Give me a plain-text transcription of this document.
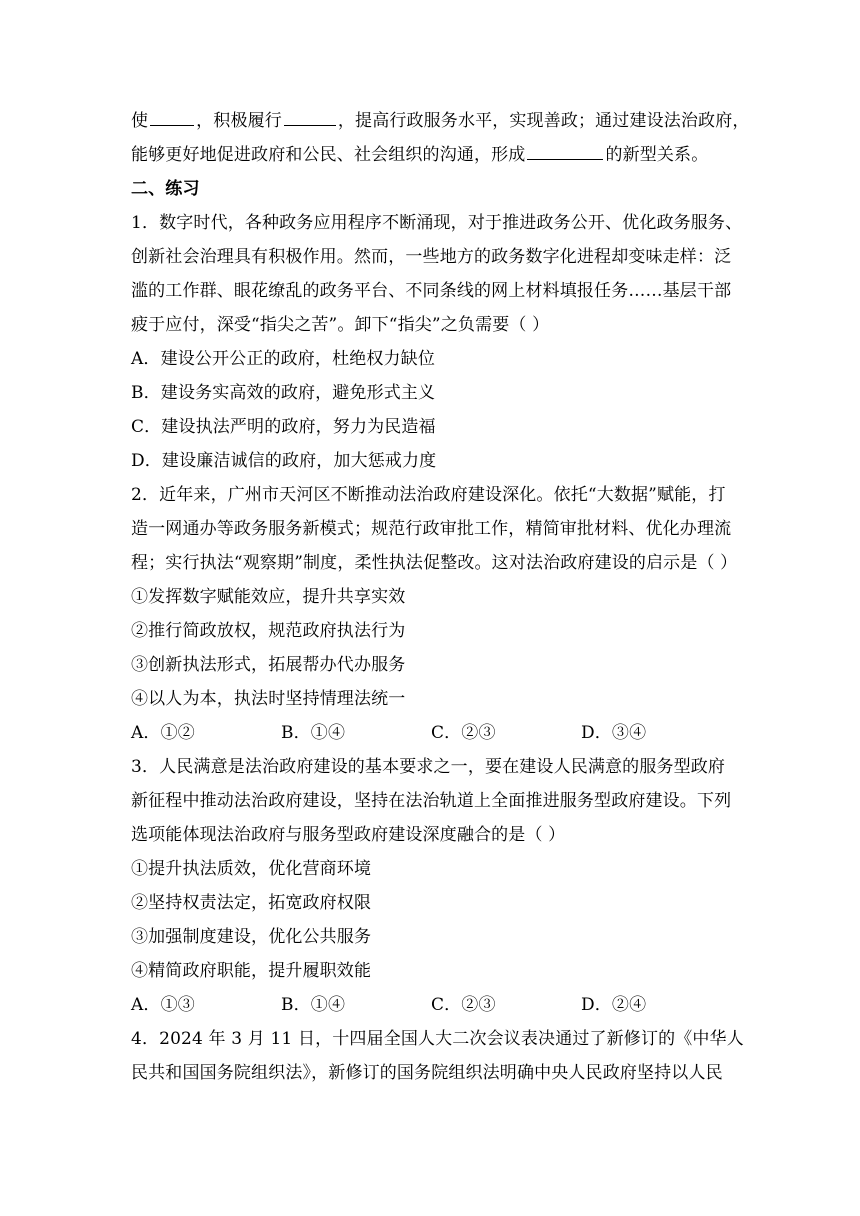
使	，积极履行	，提高行政服务水平，实现善政；通过建设法治政府，
能够更好地促进政府和公民、社会组织的沟通，形成	的新型关系。
二、练习
1．数字时代，各种政务应用程序不断涌现，对于推进政务公开、优化政务服务、
创新社会治理具有积极作用。然而，一些地方的政务数字化进程却变味走样：泛
滥的工作群、眼花缭乱的政务平台、不同条线的网上材料填报任务……基层干部
疲于应付，深受“指尖之苦”。卸下“指尖”之负需要（ ）
A．建设公开公正的政府，杜绝权力缺位
B．建设务实高效的政府，避免形式主义
C．建设执法严明的政府，努力为民造福
D．建设廉洁诚信的政府，加大惩戒力度
2．近年来，广州市天河区不断推动法治政府建设深化。依托“大数据”赋能，打
造一网通办等政务服务新模式；规范行政审批工作，精简审批材料、优化办理流
程；实行执法“观察期”制度，柔性执法促整改。这对法治政府建设的启示是（ ）
①发挥数字赋能效应，提升共享实效
②推行简政放权，规范政府执法行为
③创新执法形式，拓展帮办代办服务
④以人为本，执法时坚持情理法统一
A．①②	B．①④	C．②③	D．③④
3．人民满意是法治政府建设的基本要求之一，要在建设人民满意的服务型政府
新征程中推动法治政府建设，坚持在法治轨道上全面推进服务型政府建设。下列
选项能体现法治政府与服务型政府建设深度融合的是（ ）
①提升执法质效，优化营商环境
②坚持权责法定，拓宽政府权限
③加强制度建设，优化公共服务
④精简政府职能，提升履职效能
A．①③	B．①④	C．②③	D．②④
4．2024 年 3 月 11 日，十四届全国人大二次会议表决通过了新修订的《中华人
民共和国国务院组织法》，新修订的国务院组织法明确中央人民政府坚持以人民
